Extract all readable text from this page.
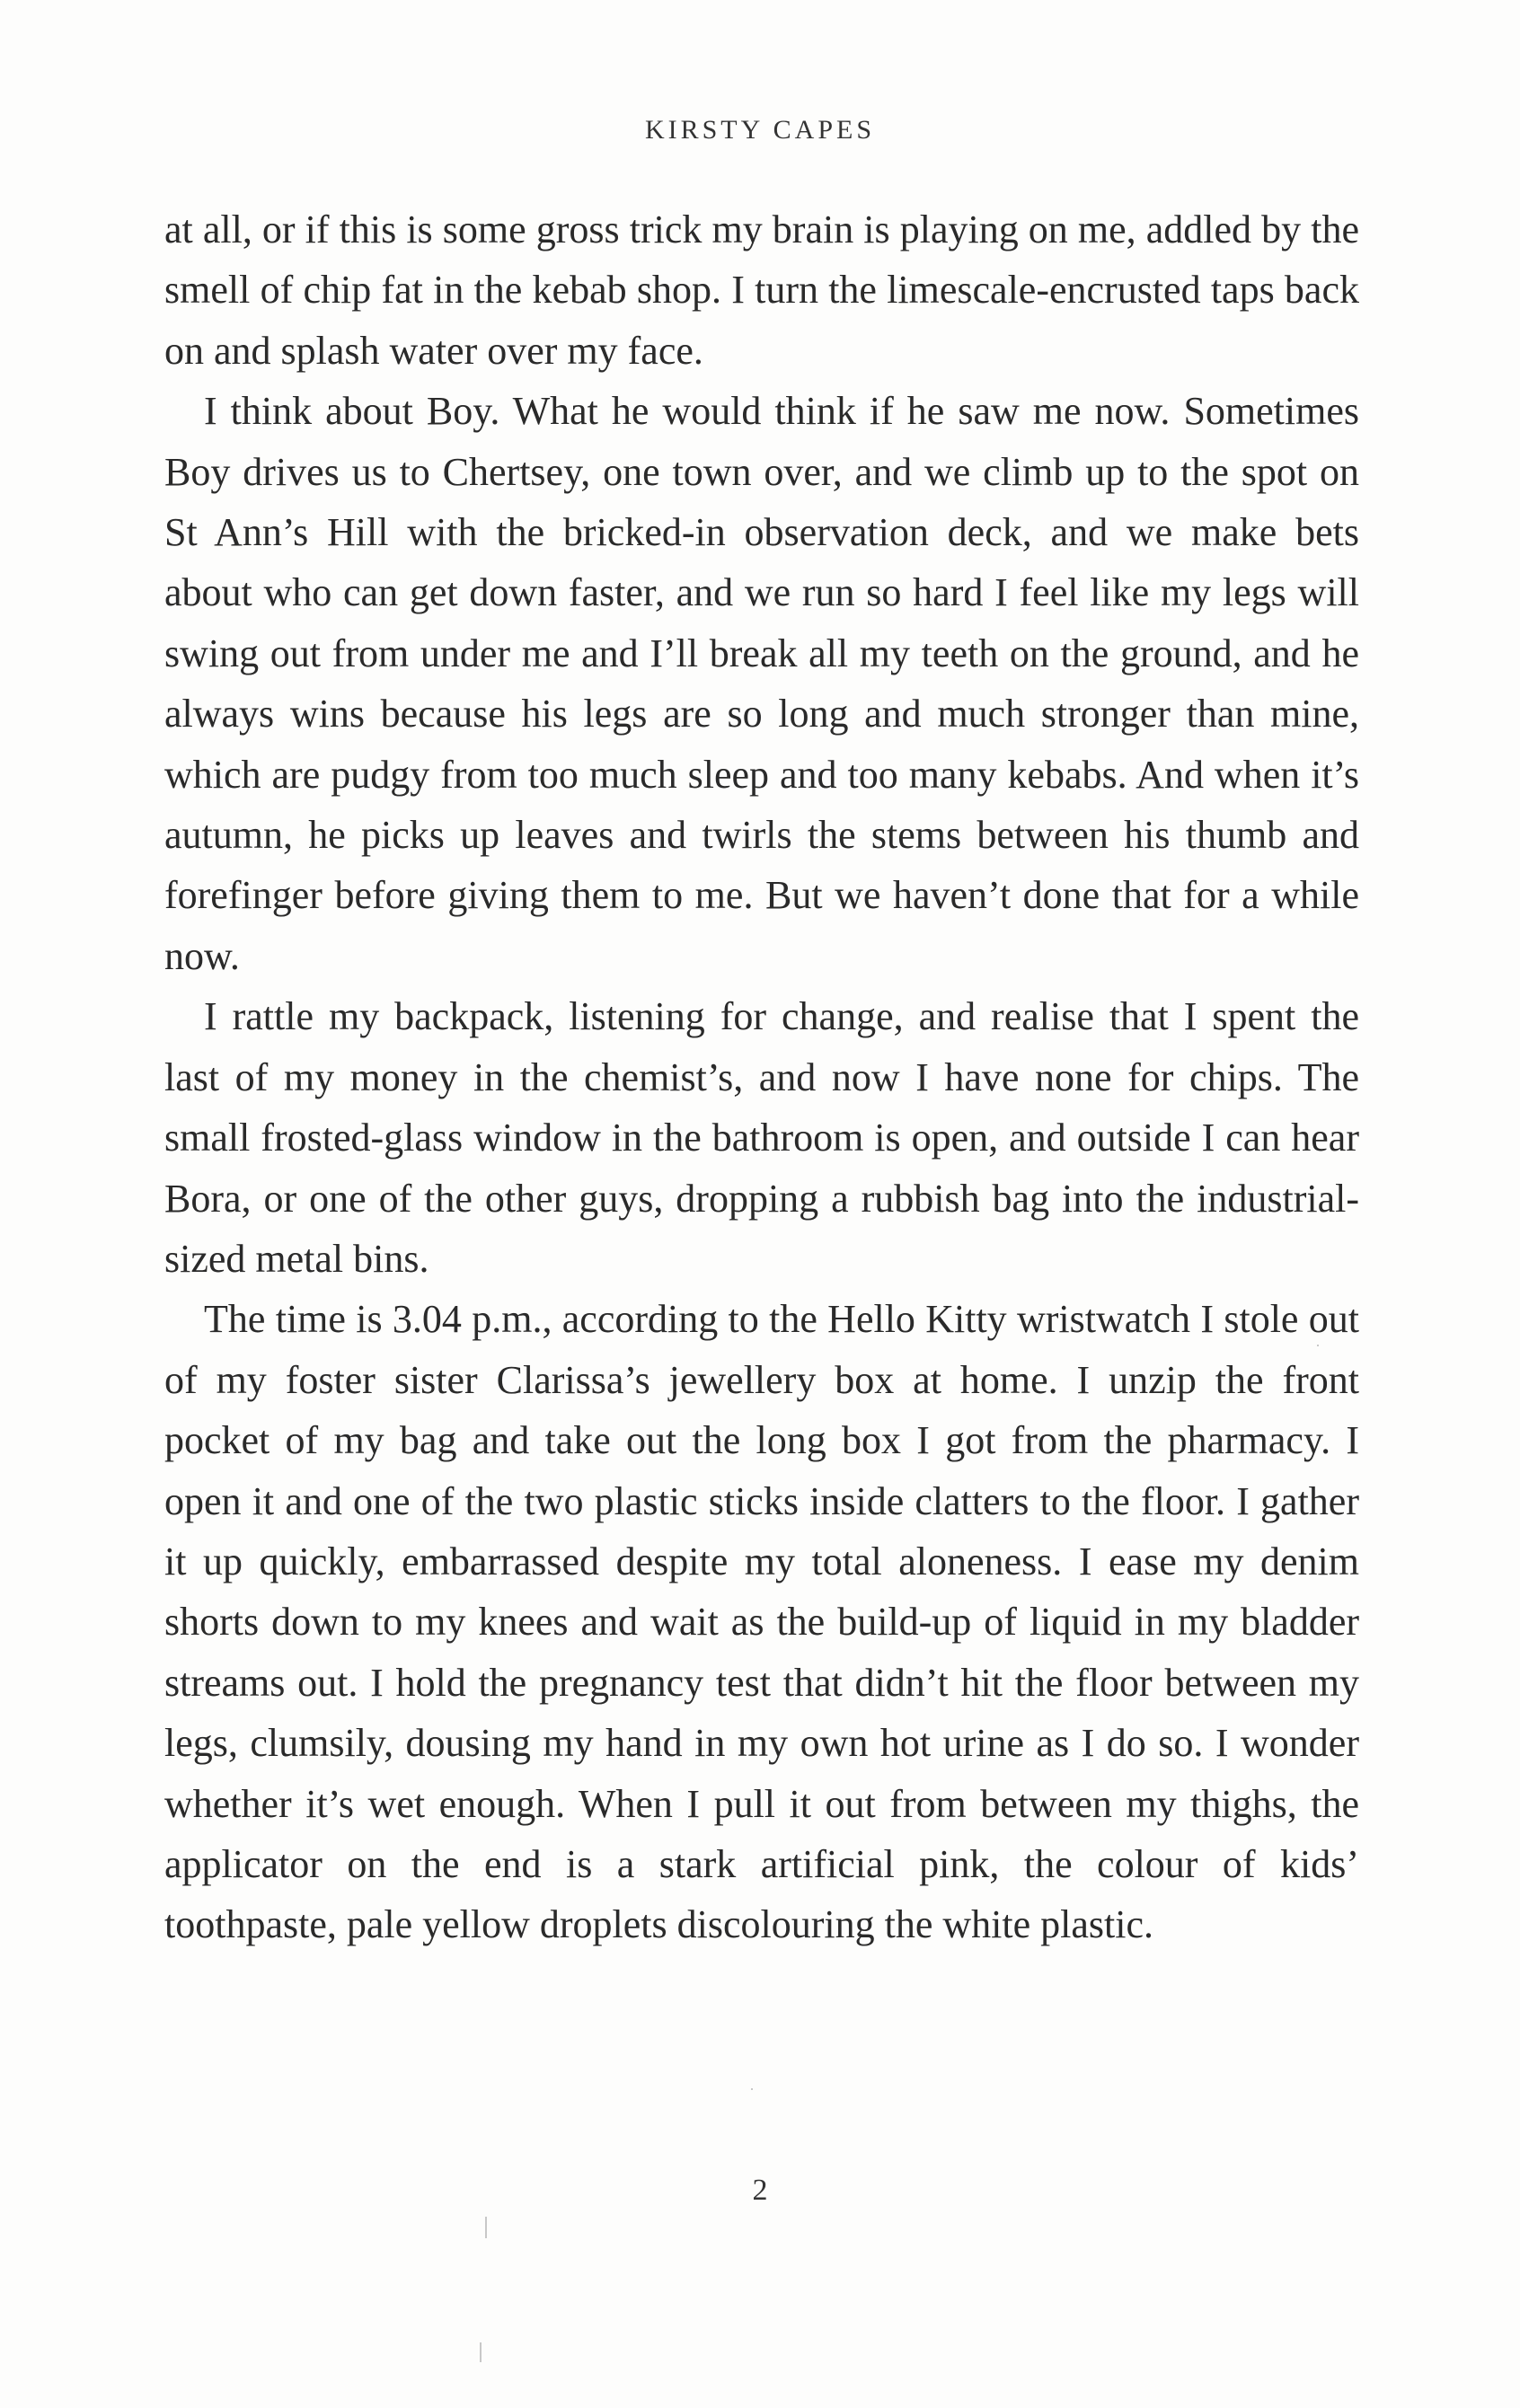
KIRSTY CAPES

at all, or if this is some gross trick my brain is playing on me, addled by the smell of chip fat in the kebab shop. I turn the limescale-encrusted taps back on and splash water over my face.

I think about Boy. What he would think if he saw me now. Sometimes Boy drives us to Chertsey, one town over, and we climb up to the spot on St Ann’s Hill with the bricked-in observation deck, and we make bets about who can get down faster, and we run so hard I feel like my legs will swing out from under me and I’ll break all my teeth on the ground, and he always wins because his legs are so long and much stronger than mine, which are pudgy from too much sleep and too many kebabs. And when it’s autumn, he picks up leaves and twirls the stems between his thumb and forefinger before giving them to me. But we haven’t done that for a while now.

I rattle my backpack, listening for change, and realise that I spent the last of my money in the chemist’s, and now I have none for chips. The small frosted-glass window in the bathroom is open, and outside I can hear Bora, or one of the other guys, dropping a rubbish bag into the industrial-sized metal bins.

The time is 3.04 p.m., according to the Hello Kitty wristwatch I stole out of my foster sister Clarissa’s jewellery box at home. I unzip the front pocket of my bag and take out the long box I got from the pharmacy. I open it and one of the two plastic sticks inside clatters to the floor. I gather it up quickly, embarrassed despite my total aloneness. I ease my denim shorts down to my knees and wait as the build-up of liquid in my bladder streams out. I hold the pregnancy test that didn’t hit the floor between my legs, clumsily, dousing my hand in my own hot urine as I do so. I wonder whether it’s wet enough. When I pull it out from between my thighs, the applicator on the end is a stark artificial pink, the colour of kids’ toothpaste, pale yellow droplets discolouring the white plastic.

2
